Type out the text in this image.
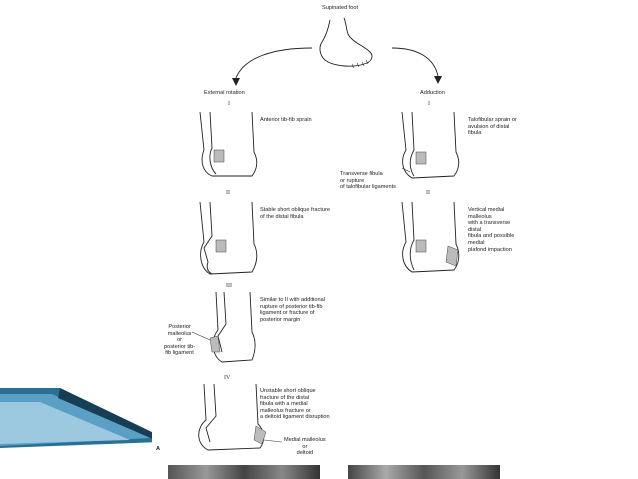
Supinated foot
External rotation	Adduction
I
Anterior tib-fib sprain
II
Stable short oblique fracture
of the distal fibula
III
Similar to II with additional
rupture of posterior tib-fib
ligament or fracture of
posterior margin
IV
Unstable short oblique
fracture of the distal
fibula with a medial
malleolus fracture or
a deltoid ligament disruption
I
Talofibular sprain or
avulsion of distal fibula
II
Vertical medial malleolus
with a transverse distal
fibula and possible medial
plafond impaction
Transverse fibula
or rupture
of talofibular ligaments
Posterior
malleolus
or
posterior tib-
fib ligament
Medial malleolus
or
deltoid
A
